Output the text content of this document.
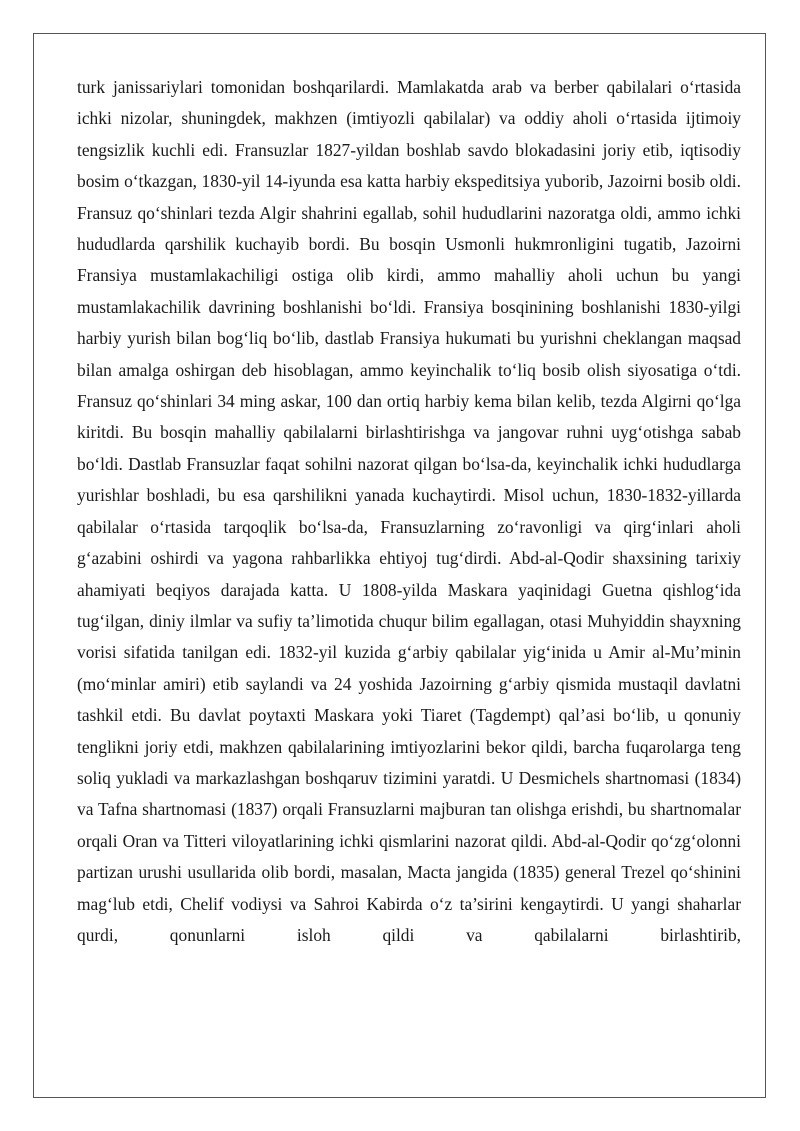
turk janissariylari tomonidan boshqarilardi. Mamlakatda arab va berber qabilalari o‘rtasida ichki nizolar, shuningdek, makhzen (imtiyozli qabilalar) va oddiy aholi o‘rtasida ijtimoiy tengsizlik kuchli edi. Fransuzlar 1827-yildan boshlab savdo blokadasini joriy etib, iqtisodiy bosim o‘tkazgan, 1830-yil 14-iyunda esa katta harbiy ekspeditsiya yuborib, Jazoirni bosib oldi. Fransuz qo‘shinlari tezda Algir shahrini egallab, sohil hududlarini nazoratga oldi, ammo ichki hududlarda qarshilik kuchayib bordi. Bu bosqin Usmonli hukmronligini tugatib, Jazoirni Fransiya mustamlakachiligi ostiga olib kirdi, ammo mahalliy aholi uchun bu yangi mustamlakachilik davrining boshlanishi bo‘ldi. Fransiya bosqinining boshlanishi 1830-yilgi harbiy yurish bilan bog‘liq bo‘lib, dastlab Fransiya hukumati bu yurishni cheklangan maqsad bilan amalga oshirgan deb hisoblagan, ammo keyinchalik to‘liq bosib olish siyosatiga o‘tdi. Fransuz qo‘shinlari 34 ming askar, 100 dan ortiq harbiy kema bilan kelib, tezda Algirni qo‘lga kiritdi. Bu bosqin mahalliy qabilalarni birlashtirishga va jangovar ruhni uyg‘otishga sabab bo‘ldi. Dastlab Fransuzlar faqat sohilni nazorat qilgan bo‘lsa-da, keyinchalik ichki hududlarga yurishlar boshladi, bu esa qarshilikni yanada kuchaytirdi. Misol uchun, 1830-1832-yillarda qabilalar o‘rtasida tarqoqlik bo‘lsa-da, Fransuzlarning zo‘ravonligi va qirg‘inlari aholi g‘azabini oshirdi va yagona rahbarlikka ehtiyoj tug‘dirdi. Abd-al-Qodir shaxsining tarixiy ahamiyati beqiyos darajada katta. U 1808-yilda Maskara yaqinidagi Guetna qishlog‘ida tug‘ilgan, diniy ilmlar va sufiy ta’limotida chuqur bilim egallagan, otasi Muhyiddin shayxning vorisi sifatida tanilgan edi. 1832-yil kuzida g‘arbiy qabilalar yig‘inida u Amir al-Mu’minin (mo‘minlar amiri) etib saylandi va 24 yoshida Jazoirning g‘arbiy qismida mustaqil davlatni tashkil etdi. Bu davlat poytaxti Maskara yoki Tiaret (Tagdempt) qal’asi bo‘lib, u qonuniy tenglikni joriy etdi, makhzen qabilalarining imtiyozlarini bekor qildi, barcha fuqarolarga teng soliq yukladi va markazlashgan boshqaruv tizimini yaratdi. U Desmichels shartnomasi (1834) va Tafna shartnomasi (1837) orqali Fransuzlarni majburan tan olishga erishdi, bu shartnomalar orqali Oran va Titteri viloyatlarining ichki qismlarini nazorat qildi. Abd-al-Qodir qo‘zg‘olonni partizan urushi usullarida olib bordi, masalan, Macta jangida (1835) general Trezel qo‘shinini mag‘lub etdi, Chelif vodiysi va Sahroi Kabirda o‘z ta’sirini kengaytirdi. U yangi shaharlar qurdi, qonunlarni isloh qildi va qabilalarni birlashtirib,
